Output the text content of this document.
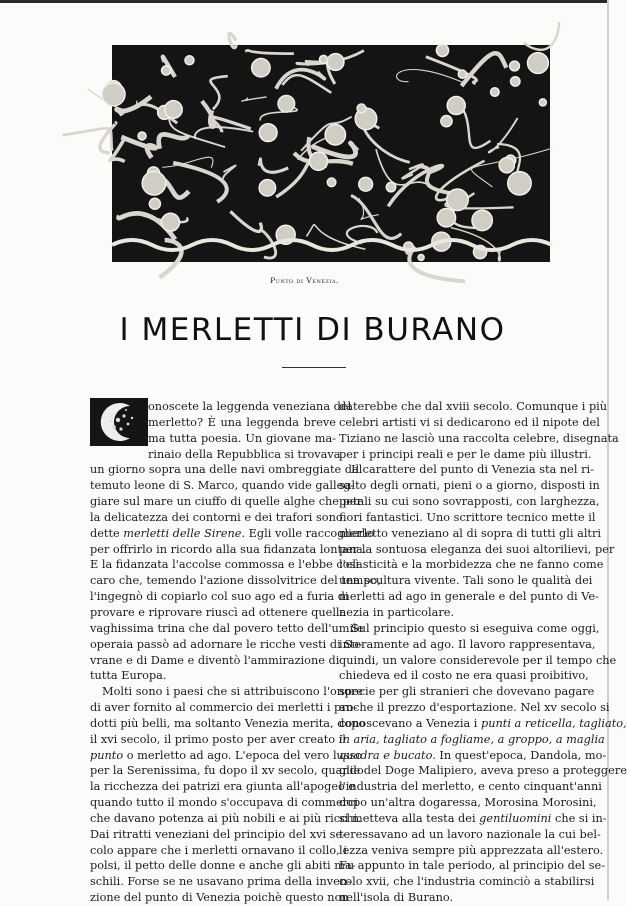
Punto di Venezia.
I MERLETTI DI BURANO
onoscete la leggenda veneziana del
merletto? È una leggenda breve
ma tutta poesia. Un giovane ma-
rinaio della Repubblica si trovava
un giorno sopra una delle navi ombreggiate dal
temuto leone di S. Marco, quando vide galleg-
giare sul mare un ciuffo di quelle alghe che per
la delicatezza dei contorni e dei trafori sono
dette merletti delle Sirene. Egli volle raccoglierlo
per offrirlo in ricordo alla sua fidanzata lontana.
E la fidanzata l'accolse commossa e l'ebbe così
caro che, temendo l'azione dissolvitrice del tempo,
l'ingegnò di copiarlo col suo ago ed a furia di
provare e riprovare riuscì ad ottenere quella
vaghissima trina che dal povero tetto dell'umile
operaia passò ad adornare le ricche vesti di So-
vrane e di Dame e diventò l'ammirazione di
tutta Europa.
Molti sono i paesi che si attribuiscono l'onore
di aver fornito al commercio dei merletti i pro-
dotti più belli, ma soltanto Venezia merita, dopo
il xvi secolo, il primo posto per aver creato il
punto o merletto ad ago. L'epoca del vero lusso
per la Serenissima, fu dopo il xv secolo, quando
la ricchezza dei patrizi era giunta all'apogeo e
quando tutto il mondo s'occupava di commerci
che davano potenza ai più nobili e ai più ricchi.
Dai ritratti veneziani del principio del xvi se-
colo appare che i merletti ornavano il collo, i
polsi, il petto delle donne e anche gli abiti ma-
schili. Forse se ne usavano prima della inven-
zione del punto di Venezia poichè questo non
daterebbe che dal xviii secolo. Comunque i più
celebri artisti vi si dedicarono ed il nipote del
Tiziano ne lasciò una raccolta celebre, disegnata
per i principi reali e per le dame più illustri.
Il carattere del punto di Venezia sta nel ri-
salto degli ornati, pieni o a giorno, disposti in
petali su cui sono sovrapposti, con larghezza,
fiori fantastici. Uno scrittore tecnico mette il
merletto veneziano al di sopra di tutti gli altri
per la sontuosa eleganza dei suoi altorilievi, per
l'elasticità e la morbidezza che ne fanno come
una scultura vivente. Tali sono le qualità dei
merletti ad ago in generale e del punto di Ve-
nezia in particolare.
Sul principio questo si eseguiva come oggi,
interamente ad ago. Il lavoro rappresentava,
quindi, un valore considerevole per il tempo che
chiedeva ed il costo ne era quasi proibitivo,
specie per gli stranieri che dovevano pagare
anche il prezzo d'esportazione. Nel xv secolo si
conoscevano a Venezia i punti a reticella, tagliato,
in aria, tagliato a fogliame, a groppo, a maglia
quadra e bucato. In quest'epoca, Dandola, mo-
glie del Doge Malipiero, aveva preso a proteggere
l'industria del merletto, e cento cinquant'anni
dopo un'altra dogaressa, Morosina Morosini,
si metteva alla testa dei gentiluomini che si in-
teressavano ad un lavoro nazionale la cui bel-
lezza veniva sempre più apprezzata all'estero.
Fu appunto in tale periodo, al principio del se-
colo xvii, che l'industria cominciò a stabilirsi
nell'isola di Burano.
